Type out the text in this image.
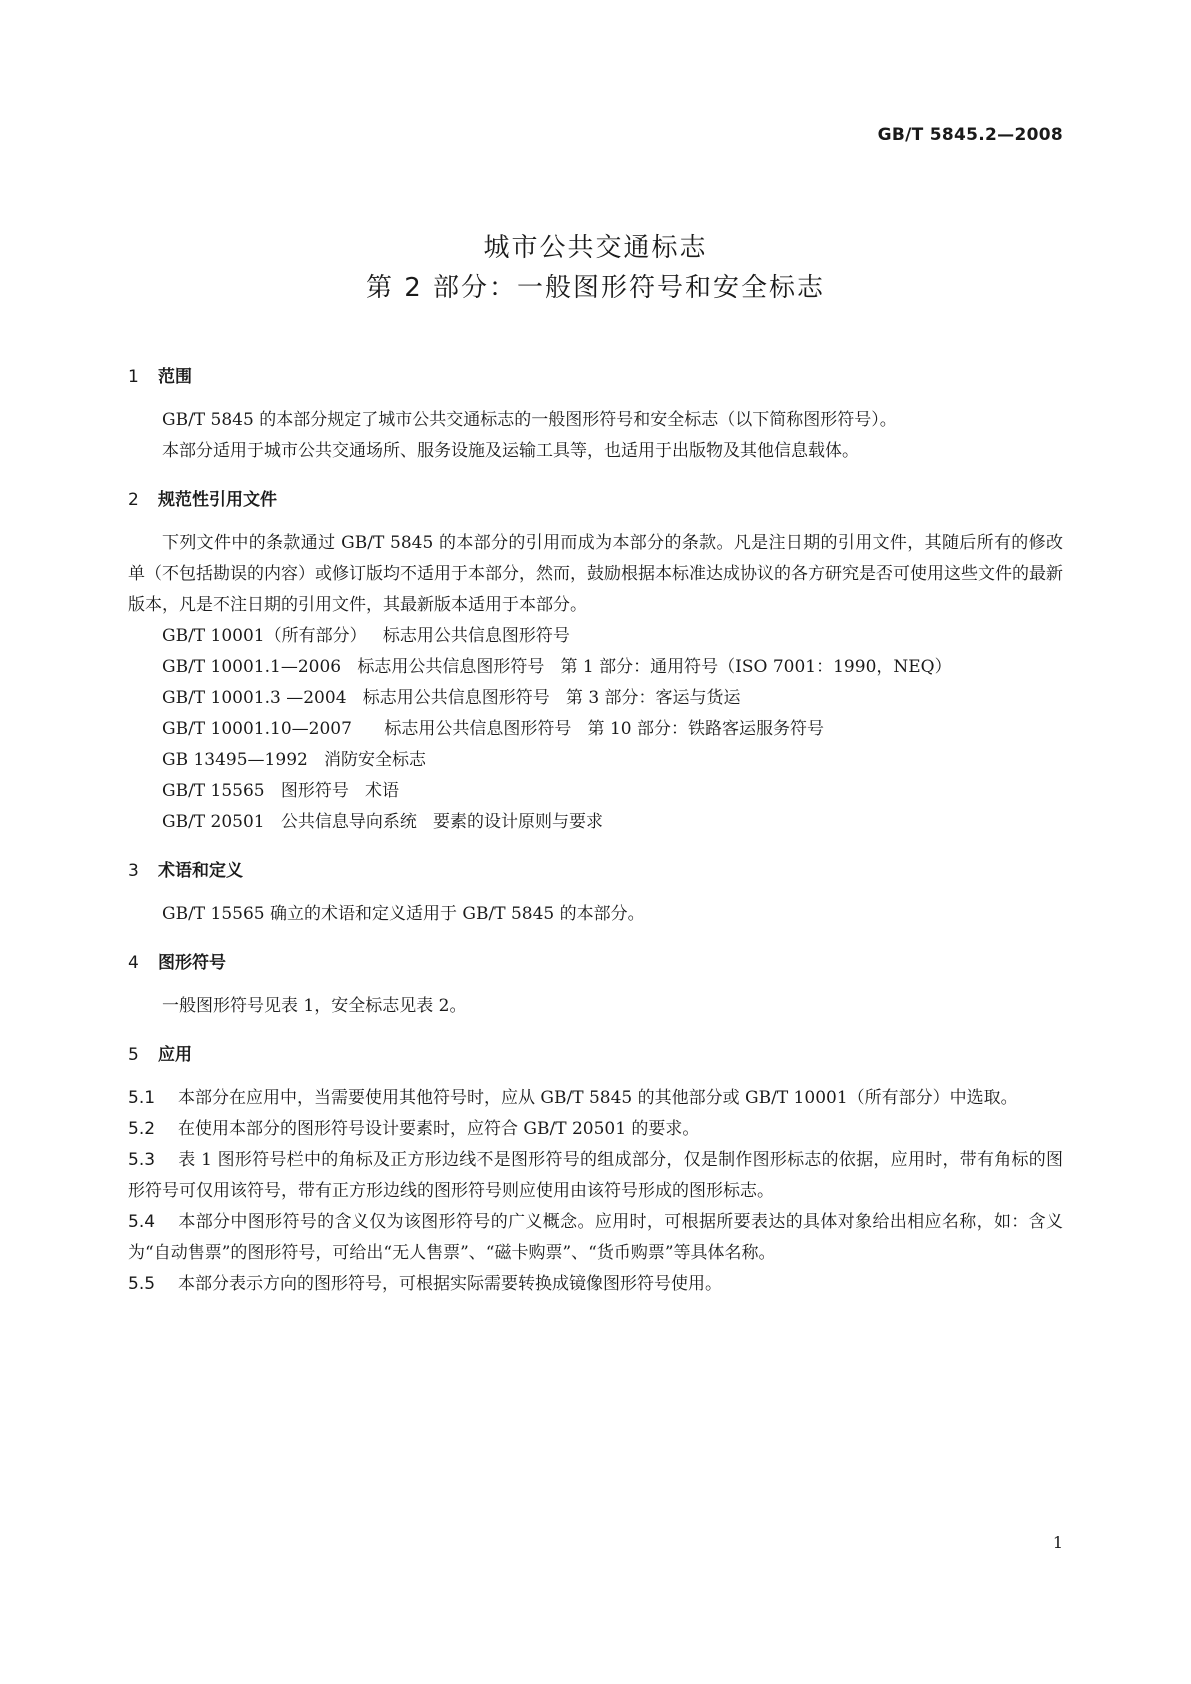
GB/T 5845.2—2008
城市公共交通标志
第 2 部分：一般图形符号和安全标志
1 范围

GB/T 5845 的本部分规定了城市公共交通标志的一般图形符号和安全标志（以下简称图形符号）。

本部分适用于城市公共交通场所、服务设施及运输工具等，也适用于出版物及其他信息载体。

2 规范性引用文件

下列文件中的条款通过 GB/T 5845 的本部分的引用而成为本部分的条款。凡是注日期的引用文件，其随后所有的修改单（不包括勘误的内容）或修订版均不适用于本部分，然而，鼓励根据本标准达成协议的各方研究是否可使用这些文件的最新版本，凡是不注日期的引用文件，其最新版本适用于本部分。

GB/T 10001（所有部分）   标志用公共信息图形符号

GB/T 10001.1—2006   标志用公共信息图形符号   第 1 部分：通用符号（ISO 7001：1990，NEQ）

GB/T 10001.3 —2004   标志用公共信息图形符号   第 3 部分：客运与货运

GB/T 10001.10—2007      标志用公共信息图形符号   第 10 部分：铁路客运服务符号

GB 13495—1992   消防安全标志

GB/T 15565   图形符号   术语

GB/T 20501   公共信息导向系统   要素的设计原则与要求

3 术语和定义

GB/T 15565 确立的术语和定义适用于 GB/T 5845 的本部分。

4 图形符号

一般图形符号见表 1，安全标志见表 2。

5 应用

5.1 本部分在应用中，当需要使用其他符号时，应从 GB/T 5845 的其他部分或 GB/T 10001（所有部分）中选取。

5.2 在使用本部分的图形符号设计要素时，应符合 GB/T 20501 的要求。

5.3 表 1 图形符号栏中的角标及正方形边线不是图形符号的组成部分，仅是制作图形标志的依据，应用时，带有角标的图形符号可仅用该符号，带有正方形边线的图形符号则应使用由该符号形成的图形标志。

5.4 本部分中图形符号的含义仅为该图形符号的广义概念。应用时，可根据所要表达的具体对象给出相应名称，如：含义为“自动售票”的图形符号，可给出“无人售票”、“磁卡购票”、“货币购票”等具体名称。

5.5 本部分表示方向的图形符号，可根据实际需要转换成镜像图形符号使用。

1
